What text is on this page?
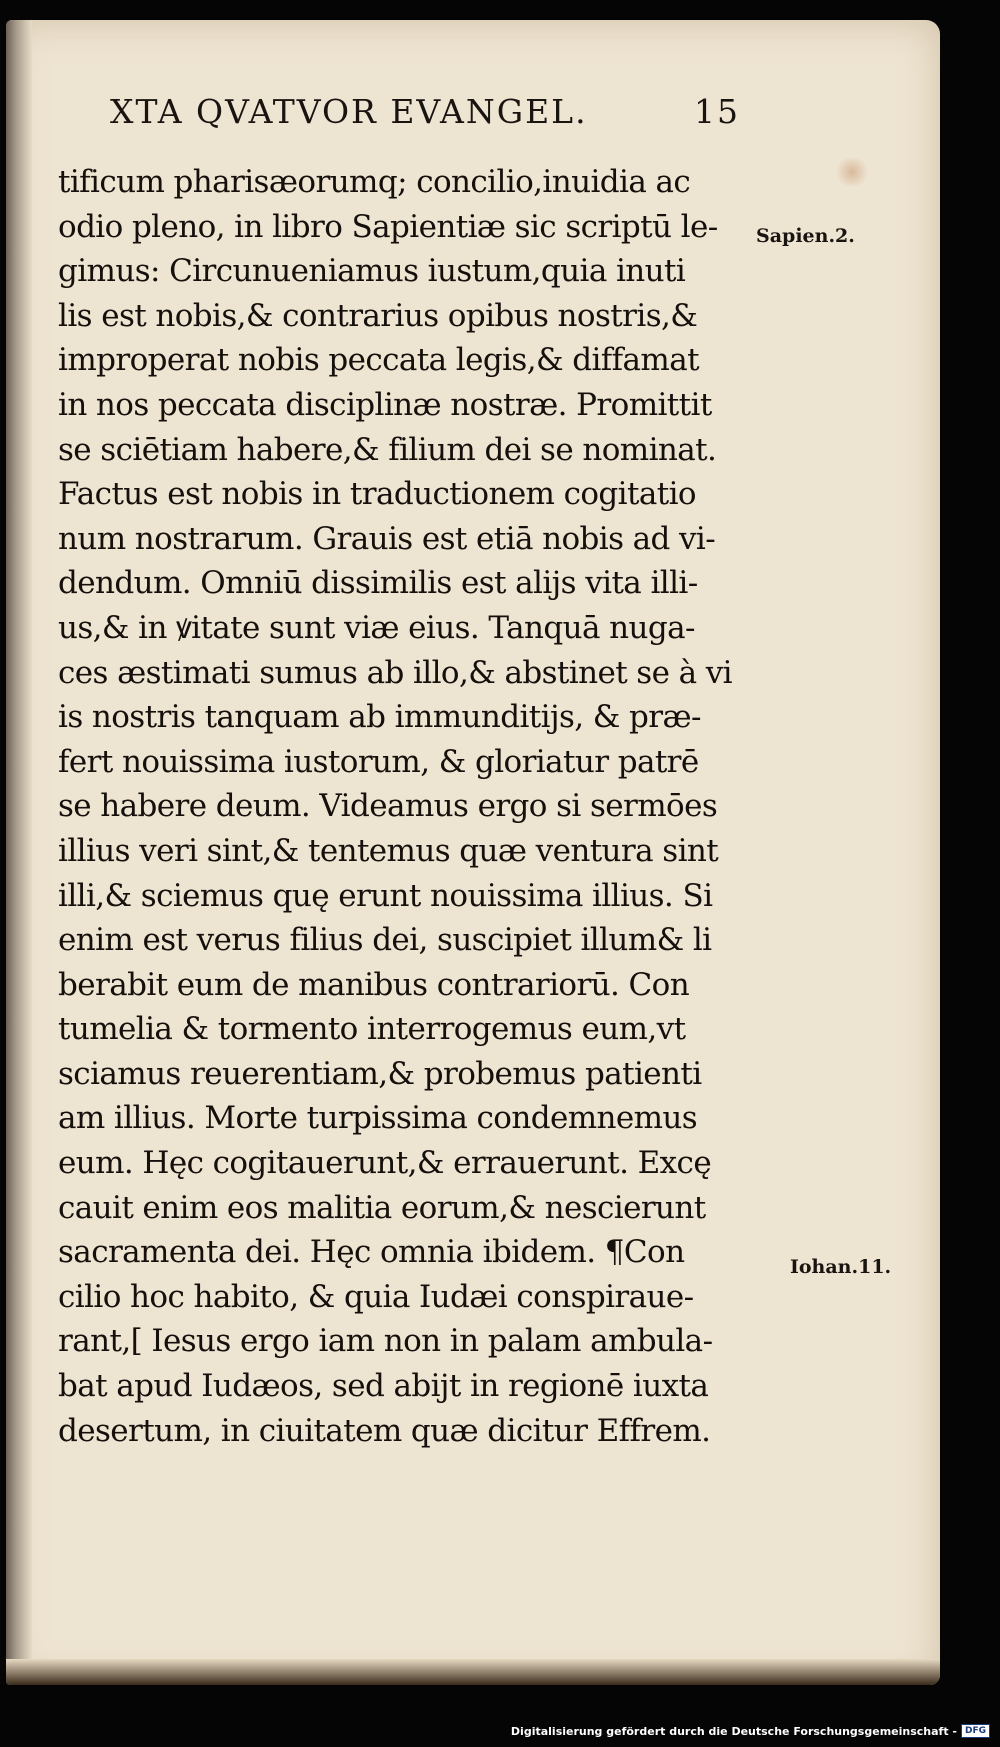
XTA QVATVOR EVANGEL.	15
tificum pharisæorumq; concilio,inuidia ac
odio pleno, in libro Sapientiæ sic scriptū le-
gimus: Circunueniamus iustum,quia inuti
lis est nobis,& contrarius opibus nostris,&
improperat nobis peccata legis,& diffamat
in nos peccata disciplinæ nostræ. Promittit
se sciētiam habere,& filium dei se nominat.
Factus est nobis in traductionem cogitatio
num nostrarum. Grauis est etiā nobis ad vi-
dendum. Omniū dissimilis est alijs vita illi-
us,& in ꝟitate sunt viæ eius. Tanquā nuga-
ces æstimati sumus ab illo,& abstinet se à vi
is nostris tanquam ab immunditijs, & præ-
fert nouissima iustorum, & gloriatur patrē
se habere deum. Videamus ergo si sermōes
illius veri sint,& tentemus quæ ventura sint
illi,& sciemus quę erunt nouissima illius. Si
enim est verus filius dei, suscipiet illum& li
berabit eum de manibus contrariorū. Con
tumelia & tormento interrogemus eum,vt
sciamus reuerentiam,& probemus patienti
am illius. Morte turpissima condemnemus
eum. Hęc cogitauerunt,& errauerunt. Excę
cauit enim eos malitia eorum,& nescierunt
sacramenta dei. Hęc omnia ibidem. ¶Con
cilio hoc habito, & quia Iudæi conspiraue-
rant,[ Iesus ergo iam non in palam ambula-
bat apud Iudæos, sed abijt in regionē iuxta
desertum, in ciuitatem quæ dicitur Effrem.
Sapien.2.
Iohan.11.
Digitalisierung gefördert durch die Deutsche Forschungsgemeinschaft - DFG
